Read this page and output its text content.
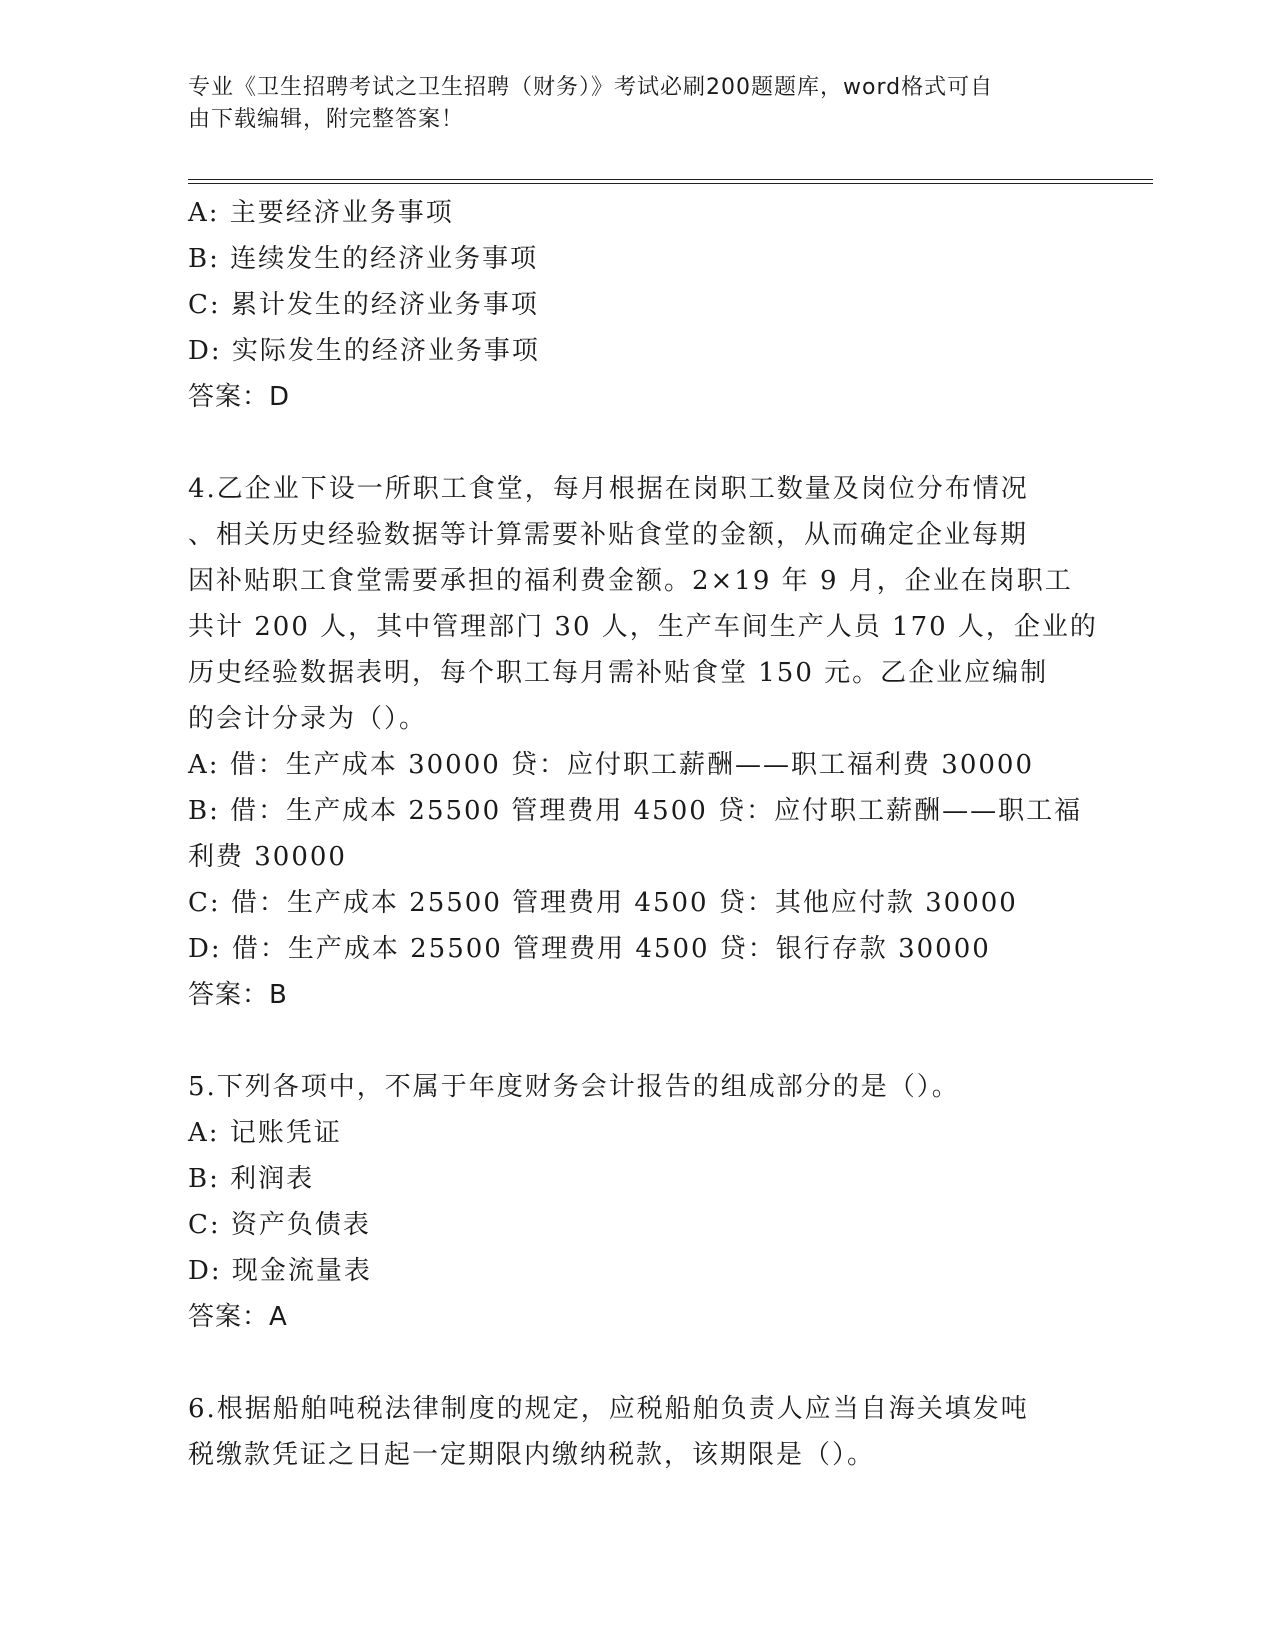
专业《卫生招聘考试之卫生招聘（财务）》考试必刷200题题库，word格式可自
由下载编辑，附完整答案！
A: 主要经济业务事项
B: 连续发生的经济业务事项
C: 累计发生的经济业务事项
D: 实际发生的经济业务事项
答案：D
4.乙企业下设一所职工食堂，每月根据在岗职工数量及岗位分布情况
、相关历史经验数据等计算需要补贴食堂的金额，从而确定企业每期
因补贴职工食堂需要承担的福利费金额。2×19 年 9 月，企业在岗职工
共计 200 人，其中管理部门 30 人，生产车间生产人员 170 人，企业的
历史经验数据表明，每个职工每月需补贴食堂 150 元。乙企业应编制
的会计分录为（）。
A: 借：生产成本 30000 贷：应付职工薪酬——职工福利费 30000
B: 借：生产成本 25500 管理费用 4500 贷：应付职工薪酬——职工福
利费 30000
C: 借：生产成本 25500 管理费用 4500 贷：其他应付款 30000
D: 借：生产成本 25500 管理费用 4500 贷：银行存款 30000
答案：B
5.下列各项中，不属于年度财务会计报告的组成部分的是（）。
A: 记账凭证
B: 利润表
C: 资产负债表
D: 现金流量表
答案：A
6.根据船舶吨税法律制度的规定，应税船舶负责人应当自海关填发吨
税缴款凭证之日起一定期限内缴纳税款，该期限是（）。
